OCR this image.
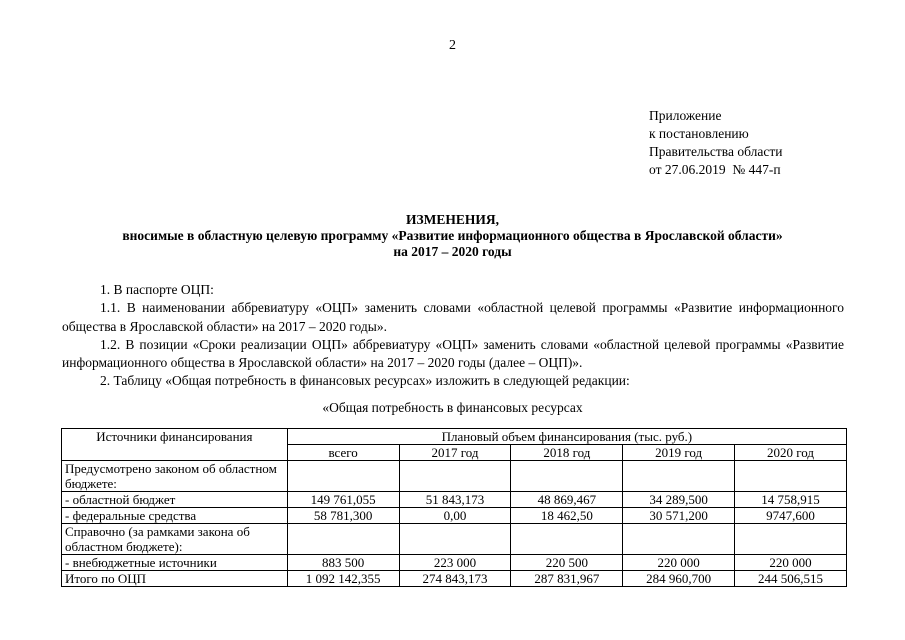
2
Приложение
к постановлению
Правительства области
от 27.06.2019  № 447-п
ИЗМЕНЕНИЯ,
вносимые в областную целевую программу «Развитие информационного общества в Ярославской области»
на 2017 – 2020 годы

1. В паспорте ОЦП:

1.1. В наименовании аббревиатуру «ОЦП» заменить словами «областной целевой программы «Развитие информационного общества в Ярославской области» на 2017 – 2020 годы».

1.2. В позиции «Сроки реализации ОЦП» аббревиатуру «ОЦП» заменить словами «областной целевой программы «Развитие информационного общества в Ярославской области» на 2017 – 2020 годы (далее – ОЦП)».

2. Таблицу «Общая потребность в финансовых ресурсах» изложить в следующей редакции:

«Общая потребность в финансовых ресурсах
Источники финансирования	Плановый объем финансирования (тыс. руб.)				
	всего	2017 год	2018 год	2019 год	2020 год
Предусмотрено законом об областном бюджете:					
- областной бюджет	149 761,055	51 843,173	48 869,467	34 289,500	14 758,915
- федеральные средства	58 781,300	0,00	18 462,50	30 571,200	9747,600
Справочно (за рамками закона об областном бюджете):					
- внебюджетные источники	883 500	223 000	220 500	220 000	220 000
Итого по ОЦП	1 092 142,355	274 843,173	287 831,967	284 960,700	244 506,515
